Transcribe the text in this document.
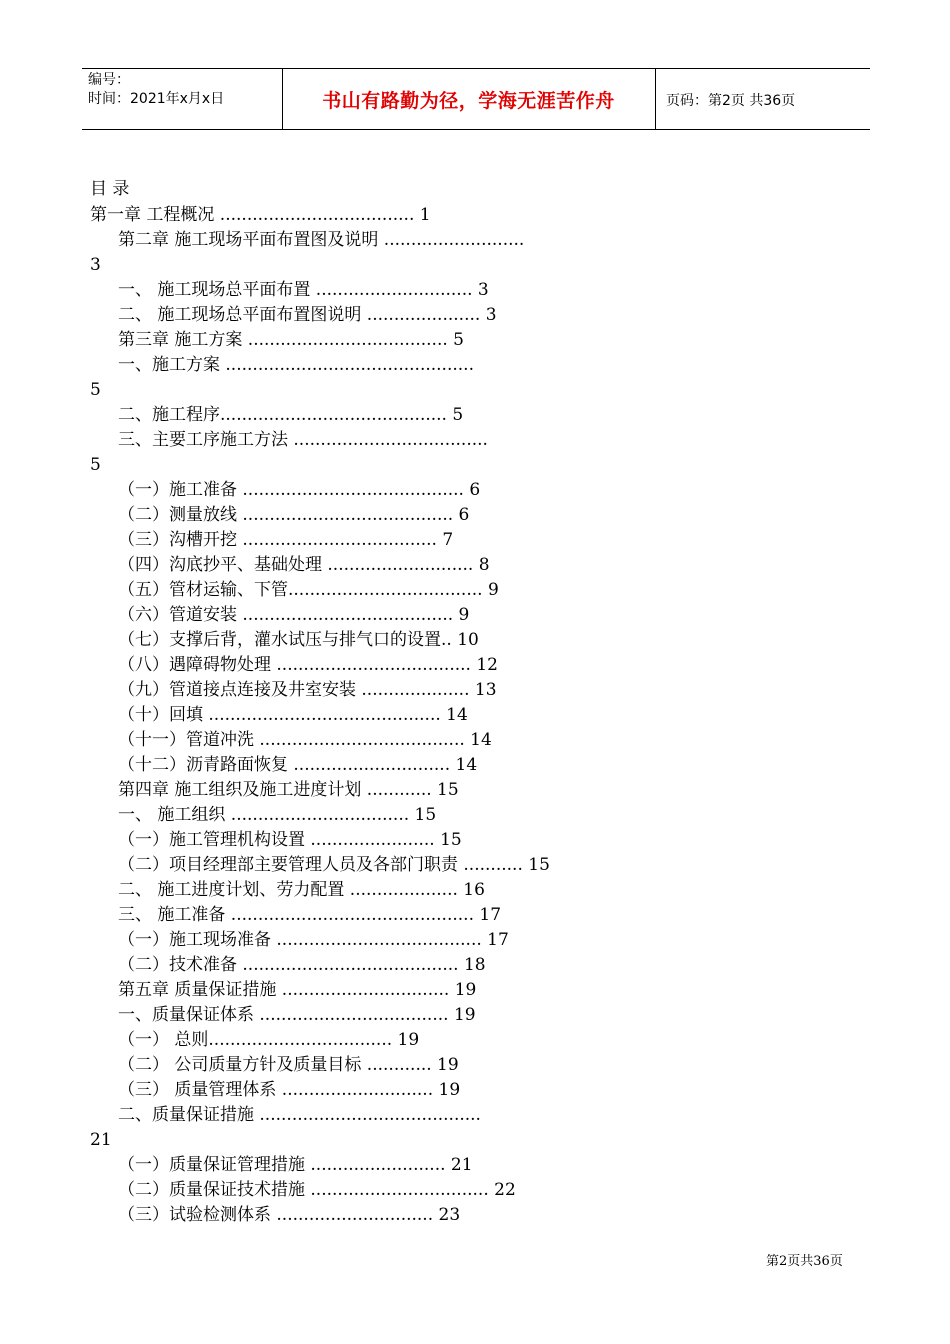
编号：
时间：2021年x月x日	书山有路勤为径，学海无涯苦作舟	页码：第2页 共36页
目 录
第一章 工程概况 .................................... 1
第二章 施工现场平面布置图及说明 ..........................
3
一、 施工现场总平面布置 ............................. 3
二、 施工现场总平面布置图说明 ..................... 3
第三章 施工方案 ..................................... 5
一、施工方案 ..............................................
5
二、施工程序.......................................... 5
三、主要工序施工方法 ....................................
5
（一）施工准备 ......................................... 6
（二）测量放线 ....................................... 6
（三）沟槽开挖 .................................... 7
（四）沟底抄平、基础处理 ........................... 8
（五）管材运输、下管.................................... 9
（六）管道安装 ....................................... 9
（七）支撑后背，灌水试压与排气口的设置.. 10
（八）遇障碍物处理 .................................... 12
（九）管道接点连接及井室安装 .................... 13
（十）回填 ........................................... 14
（十一）管道冲洗 ...................................... 14
（十二）沥青路面恢复 ............................. 14
第四章 施工组织及施工进度计划 ............ 15
一、 施工组织 ................................. 15
（一）施工管理机构设置 ....................... 15
（二）项目经理部主要管理人员及各部门职责 ........... 15
二、 施工进度计划、劳力配置 .................... 16
三、 施工准备 ............................................. 17
（一）施工现场准备 ...................................... 17
（二）技术准备 ........................................ 18
第五章 质量保证措施 ............................... 19
一、质量保证体系 ................................... 19
（一） 总则.................................. 19
（二） 公司质量方针及质量目标 ............ 19
（三） 质量管理体系 ............................ 19
二、质量保证措施 .........................................
21
（一）质量保证管理措施 ......................... 21
（二）质量保证技术措施 ................................. 22
（三）试验检测体系 ............................. 23
第2页共36页
